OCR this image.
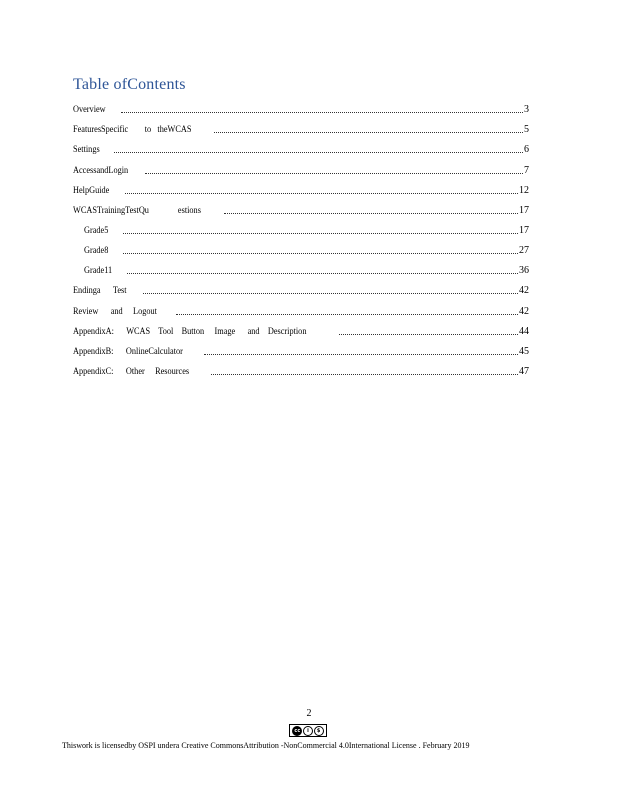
Table ofContents
Overview	3
FeaturesSpecific        to   theWCAS	5
Settings	6
AccessandLogin	7
HelpGuide	12
WCASTrainingTestQu              estions	17
Grade5	17
Grade8	27
Grade11	36
Endinga      Test	42
Review      and     Logout	42
AppendixA:      WCAS    Tool    Button     Image      and    Description	44
AppendixB:      OnlineCalculator	45
AppendixC:      Other     Resources	47
2
cc	i	$
Thiswork is licensedby OSPI undera Creative CommonsAttribution -NonCommercial 4.0International License . February 2019
